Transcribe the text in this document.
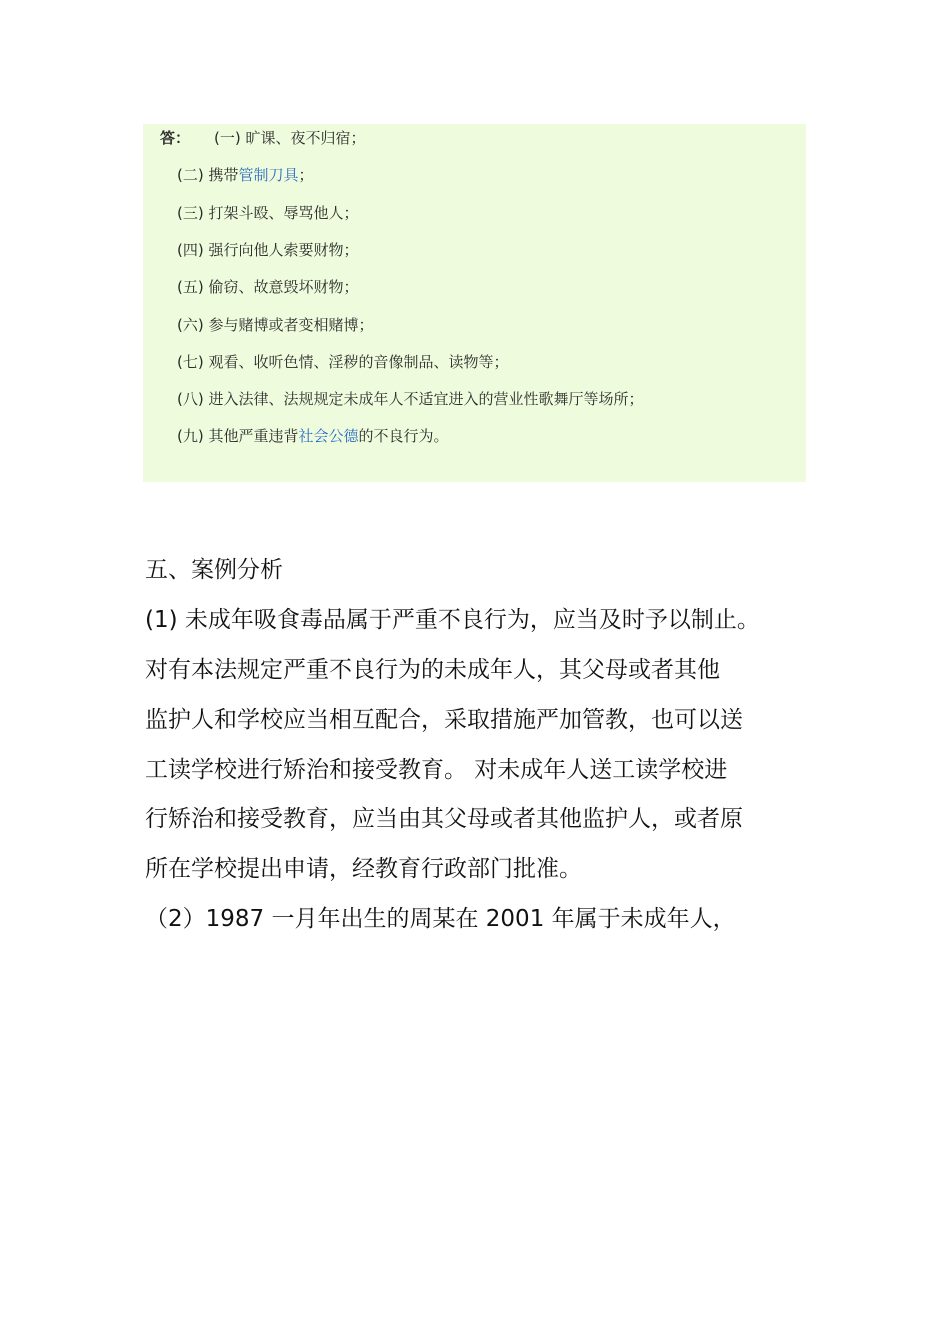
答： (一) 旷课、夜不归宿；
(二) 携带管制刀具；
(三) 打架斗殴、辱骂他人；
(四) 强行向他人索要财物；
(五) 偷窃、故意毁坏财物；
(六) 参与赌博或者变相赌博；
(七) 观看、收听色情、淫秽的音像制品、读物等；
(八) 进入法律、法规规定未成年人不适宜进入的营业性歌舞厅等场所；
(九) 其他严重违背社会公德的不良行为。
五、案例分析
(1) 未成年吸食毒品属于严重不良行为，应当及时予以制止。
对有本法规定严重不良行为的未成年人，其父母或者其他
监护人和学校应当相互配合，采取措施严加管教，也可以送
工读学校进行矫治和接受教育。 对未成年人送工读学校进
行矫治和接受教育，应当由其父母或者其他监护人，或者原
所在学校提出申请，经教育行政部门批准。
（2）1987 一月年出生的周某在 2001 年属于未成年人，
